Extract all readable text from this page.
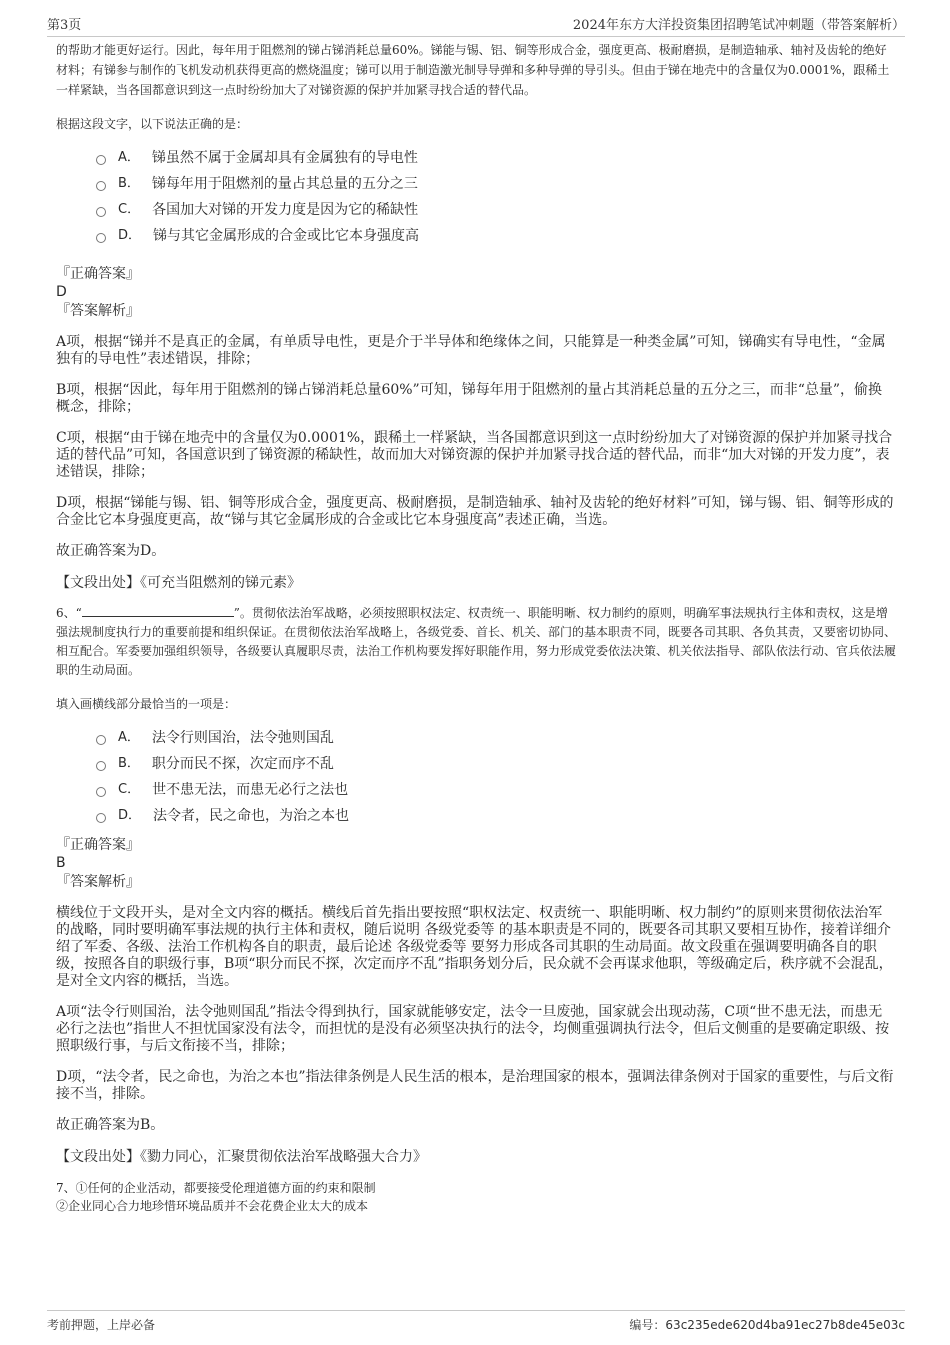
第3页	2024年东方大洋投资集团招聘笔试冲刺题（带答案解析）

的帮助才能更好运行。因此，每年用于阻燃剂的锑占锑消耗总量60%。锑能与锡、铝、铜等形成合金，强度更高、极耐磨损，是制造轴承、轴衬及齿轮的绝好材料；有锑参与制作的飞机发动机获得更高的燃烧温度；锑可以用于制造激光制导导弹和多种导弹的导引头。但由于锑在地壳中的含量仅为0.0001%，跟稀土一样紧缺，当各国都意识到这一点时纷纷加大了对锑资源的保护并加紧寻找合适的替代品。

根据这段文字，以下说法正确的是：

A． 锑虽然不属于金属却具有金属独有的导电性
B． 锑每年用于阻燃剂的量占其总量的五分之三
C． 各国加大对锑的开发力度是因为它的稀缺性
D． 锑与其它金属形成的合金或比它本身强度高

『正确答案』

D

『答案解析』

A项，根据“锑并不是真正的金属，有单质导电性，更是介于半导体和绝缘体之间，只能算是一种类金属”可知，锑确实有导电性，“金属独有的导电性”表述错误，排除；

B项，根据“因此，每年用于阻燃剂的锑占锑消耗总量60%”可知，锑每年用于阻燃剂的量占其消耗总量的五分之三，而非“总量”，偷换概念，排除；

C项，根据“由于锑在地壳中的含量仅为0.0001%，跟稀土一样紧缺，当各国都意识到这一点时纷纷加大了对锑资源的保护并加紧寻找合适的替代品”可知，各国意识到了锑资源的稀缺性，故而加大对锑资源的保护并加紧寻找合适的替代品，而非“加大对锑的开发力度”，表述错误，排除；

D项，根据“锑能与锡、铝、铜等形成合金，强度更高、极耐磨损，是制造轴承、轴衬及齿轮的绝好材料”可知，锑与锡、铝、铜等形成的合金比它本身强度更高，故“锑与其它金属形成的合金或比它本身强度高”表述正确，当选。

故正确答案为D。

【文段出处】《可充当阻燃剂的锑元素》

6、“	”。贯彻依法治军战略，必须按照职权法定、权责统一、职能明晰、权力制约的原则，明确军事法规执行主体和责权，这是增强法规制度执行力的重要前提和组织保证。在贯彻依法治军战略上，各级党委、首长、机关、部门的基本职责不同，既要各司其职、各负其责，又要密切协同、相互配合。军委要加强组织领导，各级要认真履职尽责，法治工作机构要发挥好职能作用，努力形成党委依法决策、机关依法指导、部队依法行动、官兵依法履职的生动局面。

填入画横线部分最恰当的一项是：

A． 法令行则国治，法令弛则国乱
B． 职分而民不探，次定而序不乱
C． 世不患无法，而患无必行之法也
D． 法令者，民之命也，为治之本也

『正确答案』

B

『答案解析』

横线位于文段开头，是对全文内容的概括。横线后首先指出要按照“职权法定、权责统一、职能明晰、权力制约”的原则来贯彻依法治军的战略，同时要明确军事法规的执行主体和责权，随后说明 各级党委等 的基本职责是不同的，既要各司其职又要相互协作，接着详细介绍了军委、各级、法治工作机构各自的职责，最后论述 各级党委等 要努力形成各司其职的生动局面。故文段重在强调要明确各自的职级，按照各自的职级行事，B项“职分而民不探，次定而序不乱”指职务划分后，民众就不会再谋求他职，等级确定后，秩序就不会混乱，是对全文内容的概括，当选。

A项“法令行则国治，法令弛则国乱”指法令得到执行，国家就能够安定，法令一旦废弛，国家就会出现动荡，C项“世不患无法，而患无必行之法也”指世人不担忧国家没有法令，而担忧的是没有必须坚决执行的法令，均侧重强调执行法令，但后文侧重的是要确定职级、按照职级行事，与后文衔接不当，排除；

D项，“法令者，民之命也，为治之本也”指法律条例是人民生活的根本，是治理国家的根本，强调法律条例对于国家的重要性，与后文衔接不当，排除。

故正确答案为B。

【文段出处】《勠力同心，汇聚贯彻依法治军战略强大合力》

7、①任何的企业活动，都要接受伦理道德方面的约束和限制

②企业同心合力地珍惜环境品质并不会花费企业太大的成本

考前押题，上岸必备	编号：63c235ede620d4ba91ec27b8de45e03c
